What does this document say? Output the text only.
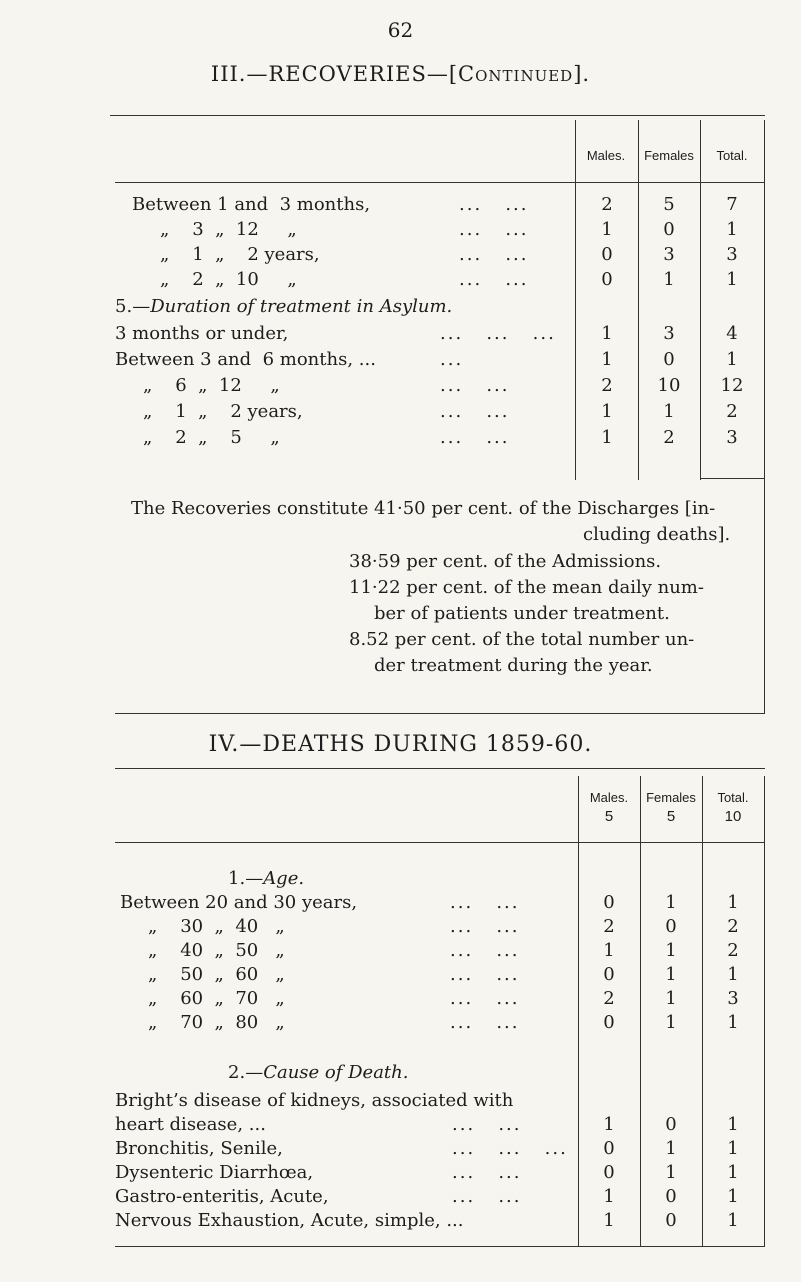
62
III.—RECOVERIES—[Continued].
Males.	Females	Total.
Between 1 and  3 months,	...   ...	2	5	7
„    3  „  12     „	...   ...	1	0	1
„    1  „    2 years,	...   ...	0	3	3
„    2  „  10     „	...   ...	0	1	1
5.—Duration of treatment in Asylum.
3 months or under,	...   ...   ...	1	3	4
Between 3 and  6 months, ...	...	1	0	1
„    6  „  12     „	...   ...	2	10	12
„    1  „    2 years,	...   ...	1	1	2
„    2  „    5     „	...   ...	1	2	3
The Recoveries constitute 41·50 per cent. of the Discharges [in-
cluding deaths].
38·59 per cent. of the Admissions.
11·22 per cent. of the mean daily num-
ber of patients under treatment.
8.52 per cent. of the total number un-
der treatment during the year.
IV.—DEATHS DURING 1859-60.
Males.	Females	Total.
5	5	10
1.—Age.
Between 20 and 30 years,	...   ...	0	1	1
„    30  „  40   „	...   ...	2	0	2
„    40  „  50   „	...   ...	1	1	2
„    50  „  60   „	...   ...	0	1	1
„    60  „  70   „	...   ...	2	1	3
„    70  „  80   „	...   ...	0	1	1
2.—Cause of Death.
Bright’s disease of kidneys, associated with
heart disease, ...	...   ...	1	0	1
Bronchitis, Senile,	...   ...   ...	0	1	1
Dysenteric Diarrhœa,	...   ...	0	1	1
Gastro-enteritis, Acute,	...   ...	1	0	1
Nervous Exhaustion, Acute, simple, ...	1	0	1
